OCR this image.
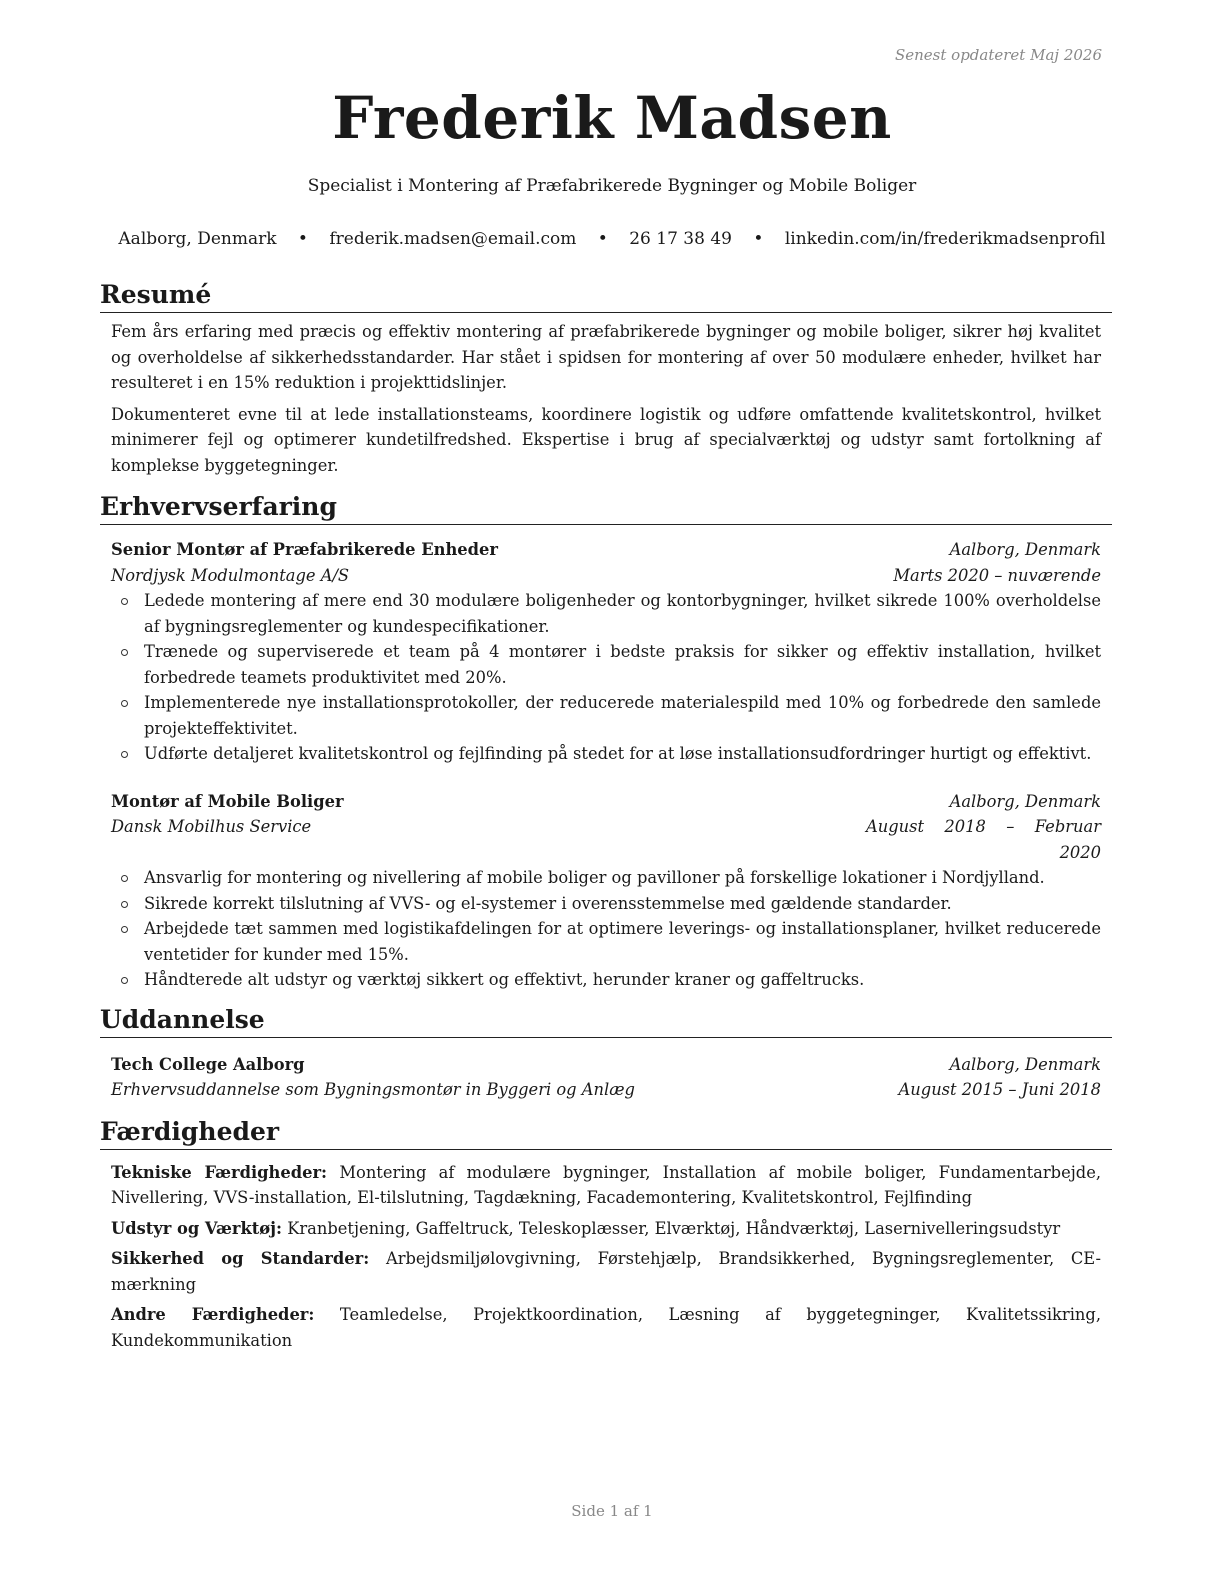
Senest opdateret Maj 2026
Frederik Madsen
Specialist i Montering af Præfabrikerede Bygninger og Mobile Boliger
Aalborg, Denmark • frederik.madsen@email.com • 26 17 38 49 • linkedin.com/in/frederikmadsenprofil
Resumé

Fem års erfaring med præcis og effektiv montering af præfabrikerede bygninger og mobile boliger, sikrer høj kvalitet og overholdelse af sikkerhedsstandarder. Har stået i spidsen for montering af over 50 modulære enheder, hvilket har resulteret i en 15% reduktion i projekttidslinjer.

Dokumenteret evne til at lede installationsteams, koordinere logistik og udføre omfattende kvalitetskontrol, hvilket minimerer fejl og optimerer kundetilfredshed. Ekspertise i brug af specialværktøj og udstyr samt fortolkning af komplekse byggetegninger.

Erhvervserfaring
Senior Montør af Præfabrikerede Enheder	Aalborg, Denmark
Nordjysk Modulmontage A/S	Marts 2020 – nuværende
Ledede montering af mere end 30 modulære boligenheder og kontorbygninger, hvilket sikrede 100% overholdelse af bygningsreglementer og kundespecifikationer.
Trænede og superviserede et team på 4 montører i bedste praksis for sikker og effektiv installation, hvilket forbedrede teamets produktivitet med 20%.
Implementerede nye installationsprotokoller, der reducerede materialespild med 10% og forbedrede den samlede projekteffektivitet.
Udførte detaljeret kvalitetskontrol og fejlfinding på stedet for at løse installationsudfordringer hurtigt og effektivt.
Montør af Mobile Boliger	Aalborg, Denmark
Dansk Mobilhus Service	August 2018 – Februar 2020
Ansvarlig for montering og nivellering af mobile boliger og pavilloner på forskellige lokationer i Nordjylland.
Sikrede korrekt tilslutning af VVS- og el-systemer i overensstemmelse med gældende standarder.
Arbejdede tæt sammen med logistikafdelingen for at optimere leverings- og installationsplaner, hvilket reducerede ventetider for kunder med 15%.
Håndterede alt udstyr og værktøj sikkert og effektivt, herunder kraner og gaffeltrucks.
Uddannelse
Tech College Aalborg	Aalborg, Denmark
Erhvervsuddannelse som Bygningsmontør in Byggeri og Anlæg	August 2015 – Juni 2018
Færdigheder
Tekniske Færdigheder: Montering af modulære bygninger, Installation af mobile boliger, Fundamentarbejde, Nivellering, VVS-installation, El-tilslutning, Tagdækning, Facademontering, Kvalitetskontrol, Fejlfinding
Udstyr og Værktøj: Kranbetjening, Gaffeltruck, Teleskoplæsser, Elværktøj, Håndværktøj, Lasernivelleringsudstyr
Sikkerhed og Standarder: Arbejdsmiljølovgivning, Førstehjælp, Brandsikkerhed, Bygningsreglementer, CE-mærkning
Andre Færdigheder: Teamledelse, Projektkoordination, Læsning af byggetegninger, Kvalitetssikring, Kundekommunikation
Side 1 af 1
